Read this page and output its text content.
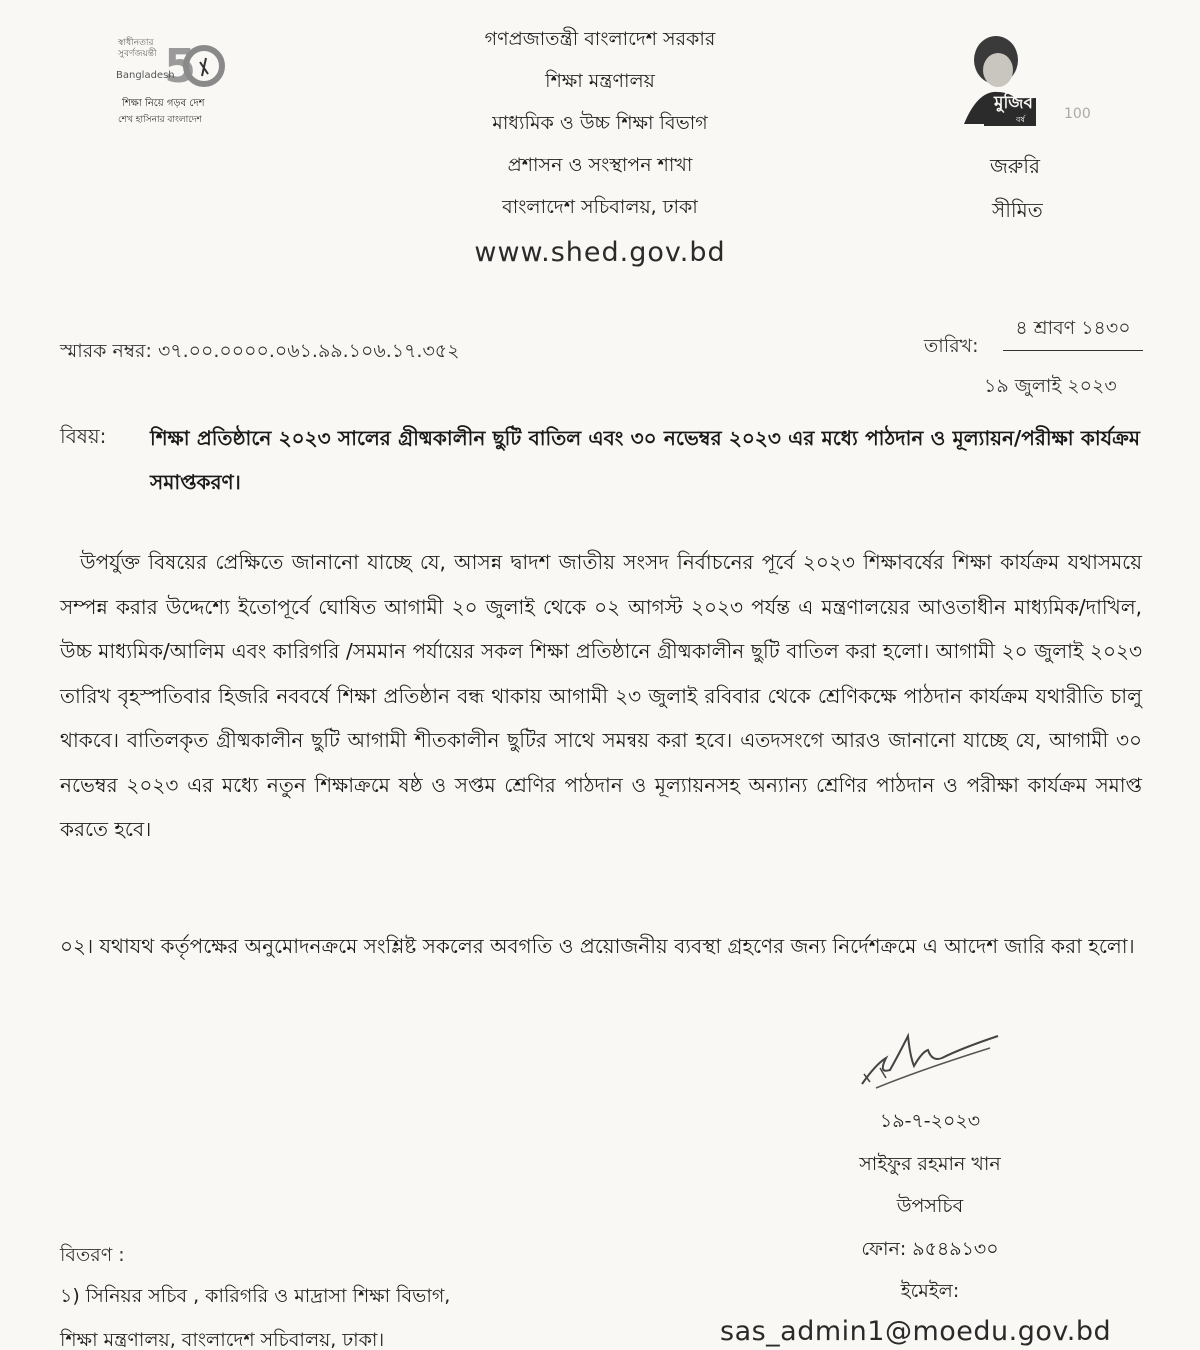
স্বাধীনতার সুবর্ণজয়ন্তী 5
Bangladesh
শিক্ষা নিয়ে গড়ব দেশ
শেখ হাসিনার বাংলাদেশ
গণপ্রজাতন্ত্রী বাংলাদেশ সরকার
শিক্ষা মন্ত্রণালয়
মাধ্যমিক ও উচ্চ শিক্ষা বিভাগ
প্রশাসন ও সংস্থাপন শাখা
বাংলাদেশ সচিবালয়, ঢাকা
www.shed.gov.bd
মুজিব
বর্ষ	100
জরুরি
সীমিত
স্মারক নম্বর: ৩৭.০০.০০০০.০৬১.৯৯.১০৬.১৭.৩৫২	তারিখ:
৪ শ্রাবণ ১৪৩০
১৯ জুলাই ২০২৩
বিষয়: শিক্ষা প্রতিষ্ঠানে ২০২৩ সালের গ্রীষ্মকালীন ছুটি বাতিল এবং ৩০ নভেম্বর ২০২৩ এর মধ্যে পাঠদান ও মূল্যায়ন/পরীক্ষা কার্যক্রম সমাপ্তকরণ।
উপর্যুক্ত বিষয়ের প্রেক্ষিতে জানানো যাচ্ছে যে, আসন্ন দ্বাদশ জাতীয় সংসদ নির্বাচনের পূর্বে ২০২৩ শিক্ষাবর্ষের শিক্ষা কার্যক্রম যথাসময়ে সম্পন্ন করার উদ্দেশ্যে ইতোপূর্বে ঘোষিত আগামী ২০ জুলাই থেকে ০২ আগস্ট ২০২৩ পর্যন্ত এ মন্ত্রণালয়ের আওতাধীন মাধ্যমিক/দাখিল, উচ্চ মাধ্যমিক/আলিম এবং কারিগরি /সমমান পর্যায়ের সকল শিক্ষা প্রতিষ্ঠানে গ্রীষ্মকালীন ছুটি বাতিল করা হলো। আগামী ২০ জুলাই ২০২৩ তারিখ বৃহস্পতিবার হিজরি নববর্ষে শিক্ষা প্রতিষ্ঠান বন্ধ থাকায় আগামী ২৩ জুলাই রবিবার থেকে শ্রেণিকক্ষে পাঠদান কার্যক্রম যথারীতি চালু থাকবে। বাতিলকৃত গ্রীষ্মকালীন ছুটি আগামী শীতকালীন ছুটির সাথে সমন্বয় করা হবে। এতদসংগে আরও জানানো যাচ্ছে যে, আগামী ৩০ নভেম্বর ২০২৩ এর মধ্যে নতুন শিক্ষাক্রমে ষষ্ঠ ও সপ্তম শ্রেণির পাঠদান ও মূল্যায়নসহ অন্যান্য শ্রেণির পাঠদান ও পরীক্ষা কার্যক্রম সমাপ্ত করতে হবে।
০২। যথাযথ কর্তৃপক্ষের অনুমোদনক্রমে সংশ্লিষ্ট সকলের অবগতি ও প্রয়োজনীয় ব্যবস্থা গ্রহণের জন্য নির্দেশক্রমে এ আদেশ জারি করা হলো।
১৯-৭-২০২৩
সাইফুর রহমান খান
উপসচিব
ফোন: ৯৫৪৯১৩০
ইমেইল:
sas_admin1@moedu.gov.bd
বিতরণ :
১) সিনিয়র সচিব , কারিগরি ও মাদ্রাসা শিক্ষা বিভাগ,
শিক্ষা মন্ত্রণালয়, বাংলাদেশ সচিবালয়, ঢাকা।
